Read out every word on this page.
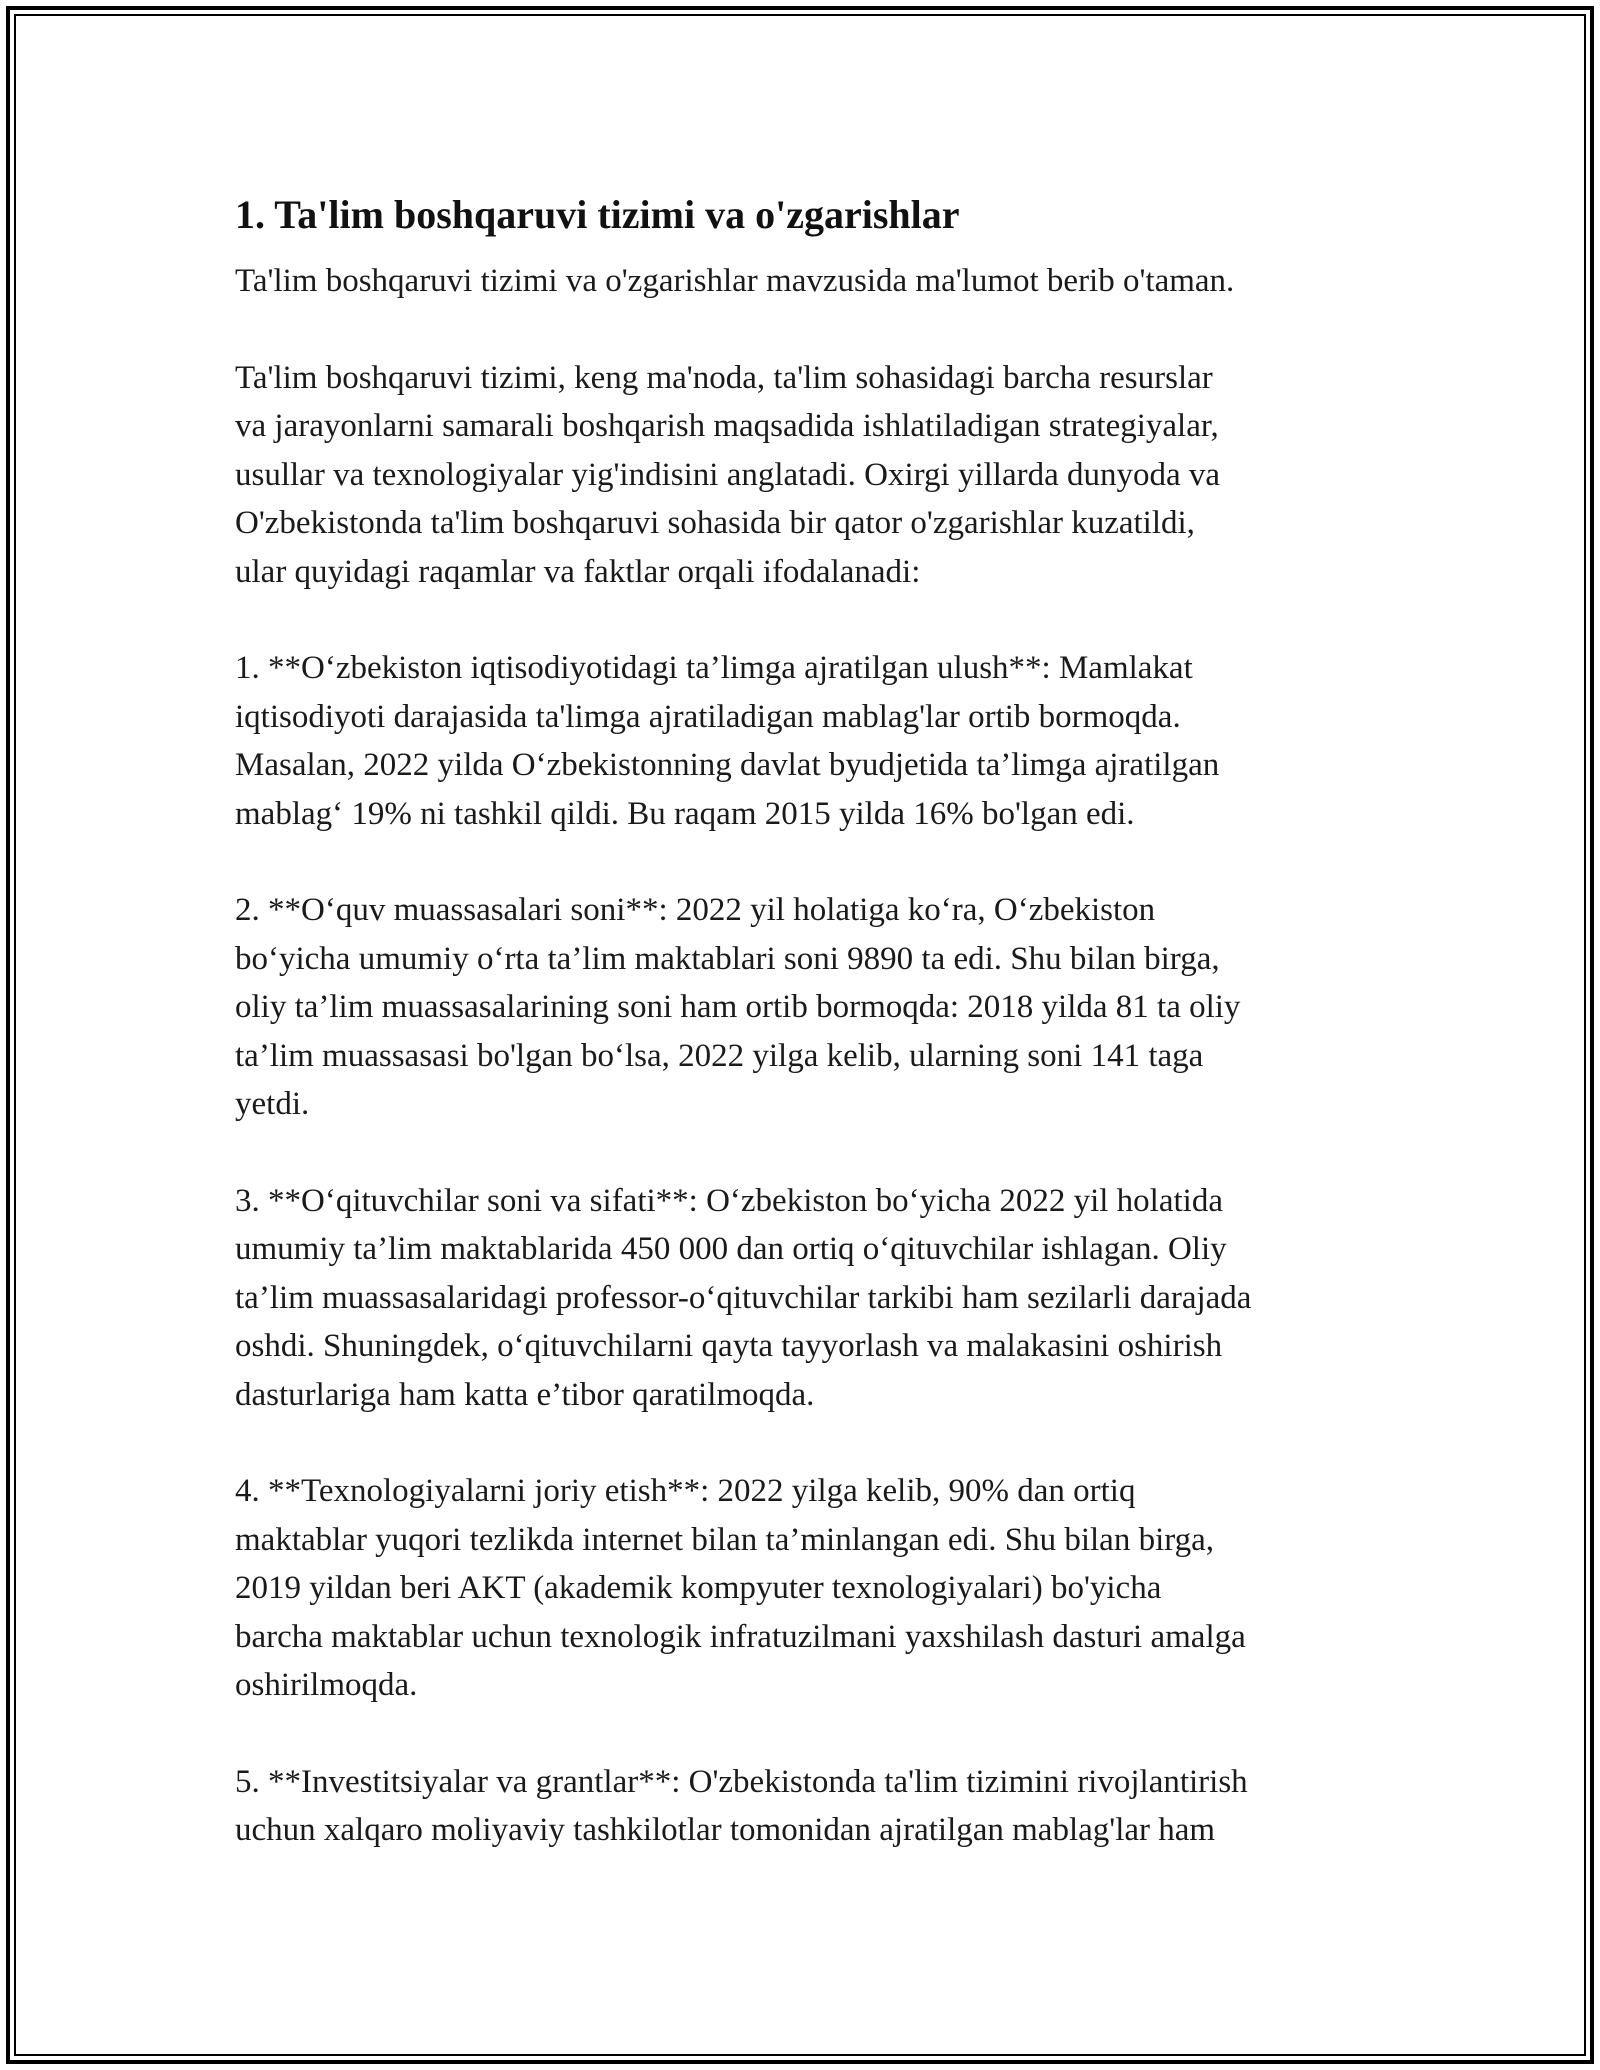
1. Ta'lim boshqaruvi tizimi va o'zgarishlar

Ta'lim boshqaruvi tizimi va o'zgarishlar mavzusida ma'lumot berib o'taman.

Ta'lim boshqaruvi tizimi, keng ma'noda, ta'lim sohasidagi barcha resurslar
va jarayonlarni samarali boshqarish maqsadida ishlatiladigan strategiyalar,
usullar va texnologiyalar yig'indisini anglatadi. Oxirgi yillarda dunyoda va
O'zbekistonda ta'lim boshqaruvi sohasida bir qator o'zgarishlar kuzatildi,
ular quyidagi raqamlar va faktlar orqali ifodalanadi:

1. **O‘zbekiston iqtisodiyotidagi ta’limga ajratilgan ulush**: Mamlakat
iqtisodiyoti darajasida ta'limga ajratiladigan mablag'lar ortib bormoqda.
Masalan, 2022 yilda O‘zbekistonning davlat byudjetida ta’limga ajratilgan
mablag‘ 19% ni tashkil qildi. Bu raqam 2015 yilda 16% bo'lgan edi.

2. **O‘quv muassasalari soni**: 2022 yil holatiga ko‘ra, O‘zbekiston
bo‘yicha umumiy o‘rta ta’lim maktablari soni 9890 ta edi. Shu bilan birga,
oliy ta’lim muassasalarining soni ham ortib bormoqda: 2018 yilda 81 ta oliy
ta’lim muassasasi bo'lgan bo‘lsa, 2022 yilga kelib, ularning soni 141 taga
yetdi.

3. **O‘qituvchilar soni va sifati**: O‘zbekiston bo‘yicha 2022 yil holatida
umumiy ta’lim maktablarida 450 000 dan ortiq o‘qituvchilar ishlagan. Oliy
ta’lim muassasalaridagi professor-o‘qituvchilar tarkibi ham sezilarli darajada
oshdi. Shuningdek, o‘qituvchilarni qayta tayyorlash va malakasini oshirish
dasturlariga ham katta e’tibor qaratilmoqda.

4. **Texnologiyalarni joriy etish**: 2022 yilga kelib, 90% dan ortiq
maktablar yuqori tezlikda internet bilan ta’minlangan edi. Shu bilan birga,
2019 yildan beri AKT (akademik kompyuter texnologiyalari) bo'yicha
barcha maktablar uchun texnologik infratuzilmani yaxshilash dasturi amalga
oshirilmoqda.

5. **Investitsiyalar va grantlar**: O'zbekistonda ta'lim tizimini rivojlantirish
uchun xalqaro moliyaviy tashkilotlar tomonidan ajratilgan mablag'lar ham
